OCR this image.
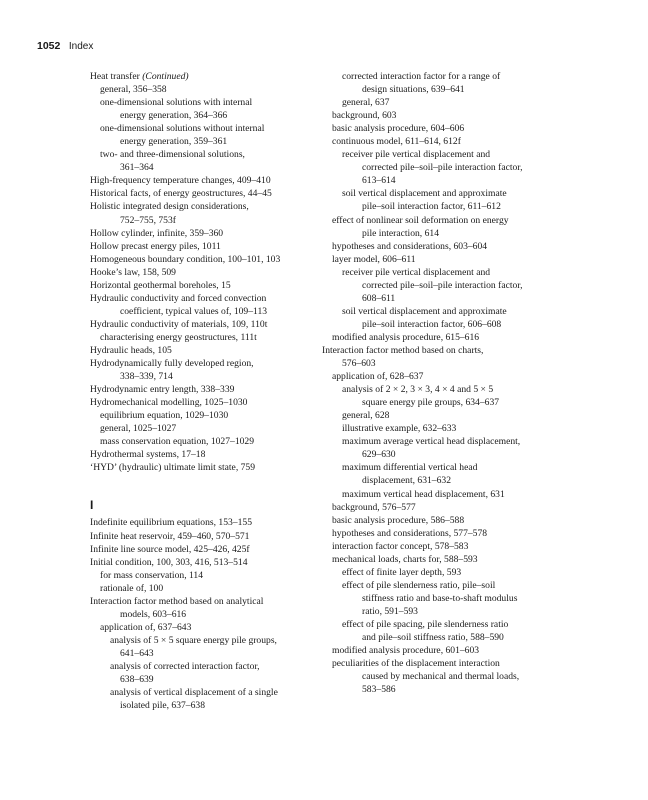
1052 Index
Heat transfer (Continued)
general, 356–358
one-dimensional solutions with internal
energy generation, 364–366
one-dimensional solutions without internal
energy generation, 359–361
two- and three-dimensional solutions,
361–364
High-frequency temperature changes, 409–410
Historical facts, of energy geostructures, 44–45
Holistic integrated design considerations,
752–755, 753f
Hollow cylinder, infinite, 359–360
Hollow precast energy piles, 1011
Homogeneous boundary condition, 100–101, 103
Hooke’s law, 158, 509
Horizontal geothermal boreholes, 15
Hydraulic conductivity and forced convection
coefficient, typical values of, 109–113
Hydraulic conductivity of materials, 109, 110t
characterising energy geostructures, 111t
Hydraulic heads, 105
Hydrodynamically fully developed region,
338–339, 714
Hydrodynamic entry length, 338–339
Hydromechanical modelling, 1025–1030
equilibrium equation, 1029–1030
general, 1025–1027
mass conservation equation, 1027–1029
Hydrothermal systems, 17–18
‘HYD’ (hydraulic) ultimate limit state, 759
I
Indefinite equilibrium equations, 153–155
Infinite heat reservoir, 459–460, 570–571
Infinite line source model, 425–426, 425f
Initial condition, 100, 303, 416, 513–514
for mass conservation, 114
rationale of, 100
Interaction factor method based on analytical
models, 603–616
application of, 637–643
analysis of 5 × 5 square energy pile groups,
641–643
analysis of corrected interaction factor,
638–639
analysis of vertical displacement of a single
isolated pile, 637–638
corrected interaction factor for a range of
design situations, 639–641
general, 637
background, 603
basic analysis procedure, 604–606
continuous model, 611–614, 612f
receiver pile vertical displacement and
corrected pile–soil–pile interaction factor,
613–614
soil vertical displacement and approximate
pile–soil interaction factor, 611–612
effect of nonlinear soil deformation on energy
pile interaction, 614
hypotheses and considerations, 603–604
layer model, 606–611
receiver pile vertical displacement and
corrected pile–soil–pile interaction factor,
608–611
soil vertical displacement and approximate
pile–soil interaction factor, 606–608
modified analysis procedure, 615–616
Interaction factor method based on charts,
576–603
application of, 628–637
analysis of 2 × 2, 3 × 3, 4 × 4 and 5 × 5
square energy pile groups, 634–637
general, 628
illustrative example, 632–633
maximum average vertical head displacement,
629–630
maximum differential vertical head
displacement, 631–632
maximum vertical head displacement, 631
background, 576–577
basic analysis procedure, 586–588
hypotheses and considerations, 577–578
interaction factor concept, 578–583
mechanical loads, charts for, 588–593
effect of finite layer depth, 593
effect of pile slenderness ratio, pile–soil
stiffness ratio and base-to-shaft modulus
ratio, 591–593
effect of pile spacing, pile slenderness ratio
and pile–soil stiffness ratio, 588–590
modified analysis procedure, 601–603
peculiarities of the displacement interaction
caused by mechanical and thermal loads,
583–586
